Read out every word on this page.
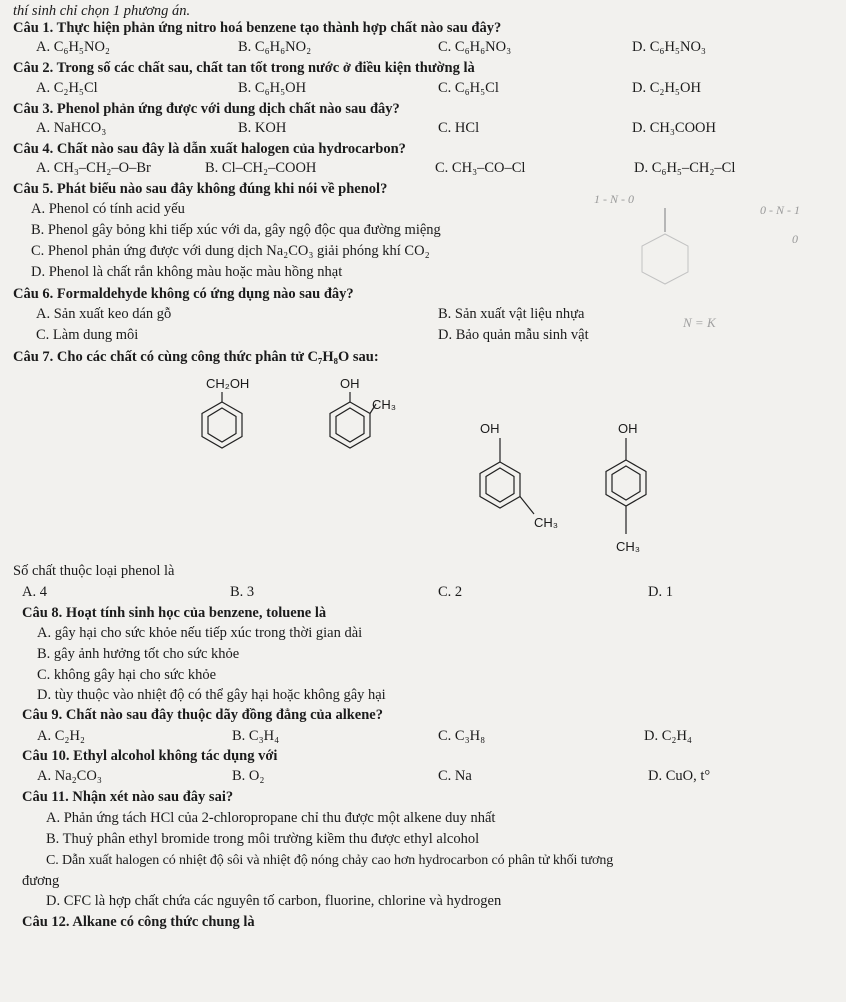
thí sinh chỉ chọn 1 phương án.
Câu 1. Thực hiện phản ứng nitro hoá benzene tạo thành hợp chất nào sau đây?
A. C₆H₅NO₂	B. C₆H₆NO₂	C. C₆H₆NO₃	D. C₆H₅NO₃
Câu 2. Trong số các chất sau, chất tan tốt trong nước ở điều kiện thường là
A. C₂H₅Cl	B. C₆H₅OH	C. C₆H₅Cl	D. C₂H₅OH
Câu 3. Phenol phản ứng được với dung dịch chất nào sau đây?
A. NaHCO₃	B. KOH	C. HCl	D. CH₃COOH
Câu 4. Chất nào sau đây là dẫn xuất halogen của hydrocarbon?
A. CH₃–CH₂–O–Br	B. Cl–CH₂–COOH	C. CH₃–CO–Cl	D. C₆H₅–CH₂–Cl
Câu 5. Phát biểu nào sau đây không đúng khi nói về phenol?
A. Phenol có tính acid yếu
B. Phenol gây bỏng khi tiếp xúc với da, gây ngộ độc qua đường miệng
C. Phenol phản ứng được với dung dịch Na₂CO₃ giải phóng khí CO₂
D. Phenol là chất rắn không màu hoặc màu hồng nhạt
1 - N - 0
0 - N - 1
0
Câu 6. Formaldehyde không có ứng dụng nào sau đây?
A. Sản xuất keo dán gỗ	B. Sản xuất vật liệu nhựa
C. Làm dung môi	D. Bảo quản mẫu sinh vật
N = K
Câu 7. Cho các chất có cùng công thức phân tử C₇H₈O sau:
CH₂OH	OH
CH₃
OH
CH₃
OH
CH₃
Số chất thuộc loại phenol là
A. 4	B. 3	C. 2	D. 1
Câu 8. Hoạt tính sinh học của benzene, toluene là
A. gây hại cho sức khỏe nếu tiếp xúc trong thời gian dài
B. gây ảnh hưởng tốt cho sức khỏe
C. không gây hại cho sức khỏe
D. tùy thuộc vào nhiệt độ có thể gây hại hoặc không gây hại
Câu 9. Chất nào sau đây thuộc dãy đồng đẳng của alkene?
A. C₂H₂	B. C₃H₄	C. C₃H₈	D. C₂H₄
Câu 10. Ethyl alcohol không tác dụng với
A. Na₂CO₃	B. O₂	C. Na	D. CuO, t°
Câu 11. Nhận xét nào sau đây sai?
A. Phản ứng tách HCl của 2-chloropropane chỉ thu được một alkene duy nhất
B. Thuỷ phân ethyl bromide trong môi trường kiềm thu được ethyl alcohol
C. Dẫn xuất halogen có nhiệt độ sôi và nhiệt độ nóng chảy cao hơn hydrocarbon có phân tử khối tương
đương
D. CFC là hợp chất chứa các nguyên tố carbon, fluorine, chlorine và hydrogen
Câu 12. Alkane có công thức chung là
